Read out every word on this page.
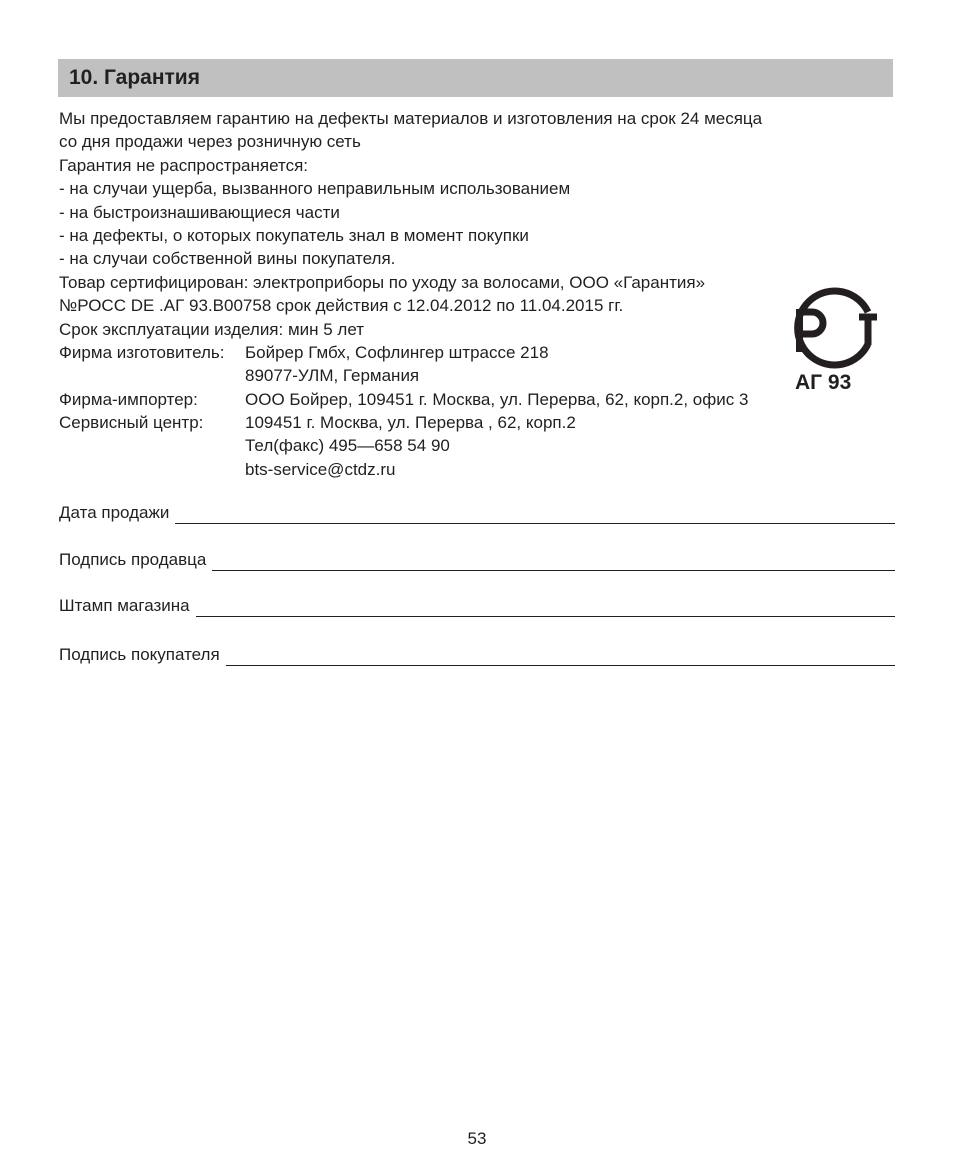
10. Гарантия
Мы предоставляем гарантию на дефекты материалов и изготовления на срок 24 месяца
со дня продажи через розничную сеть
Гарантия не распространяется:
- на случаи ущерба, вызванного неправильным использованием
- на быстроизнашивающиеся части
- на дефекты, о которых покупатель знал в момент покупки
- на случаи собственной вины покупателя.
Товар сертифицирован: электроприборы по уходу за волосами, ООО «Гарантия»
№РОСС DE .АГ 93.В00758 срок действия с 12.04.2012 по 11.04.2015 гг.
Срок эксплуатации изделия: мин 5 лет
Фирма изготовитель: Бойрер Гмбх, Софлингер штрассе 218
89077-УЛМ, Германия
Фирма-импортер:	ООО Бойрер, 109451 г. Москва, ул. Перерва, 62, корп.2, офис 3
Сервисный центр: 109451 г. Москва, ул. Перерва , 62, корп.2
Тел(факс) 495—658 54 90
bts-service@ctdz.ru
АГ 93
Дата продажи
Подпись продавца
Штамп магазина
Подпись покупателя
53
